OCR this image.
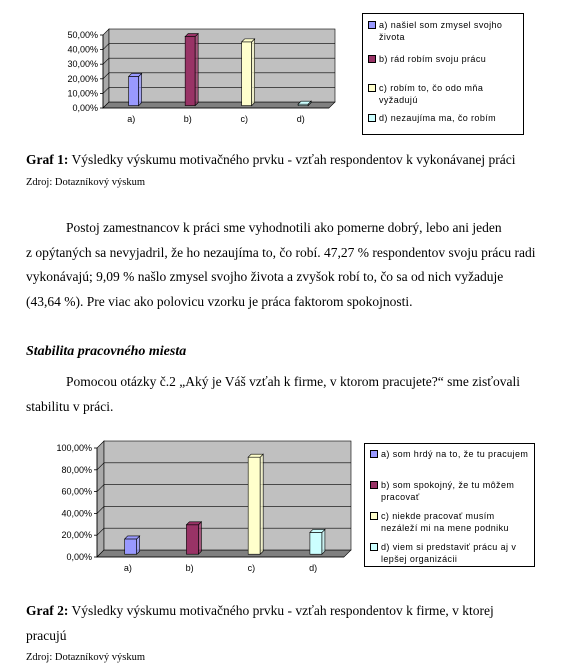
0,00%
10,00%
20,00%
30,00%
40,00%
50,00%
a)	b)	c)	d)
a) našiel som zmysel svojho života
b) rád robím svoju prácu
c) robím to, čo odo mňa vyžadujú
d) nezaujíma ma, čo robím
Graf 1: Výsledky výskumu motivačného prvku - vzťah respondentov k vykonávanej práci
Zdroj: Dotazníkový výskum
Postoj zamestnancov k práci sme vyhodnotili ako pomerne dobrý, lebo ani jeden
z opýtaných sa nevyjadril, že ho nezaujíma to, čo robí. 47,27 % respondentov svoju prácu radi
vykonávajú; 9,09 % našlo zmysel svojho života a zvyšok robí to, čo sa od nich vyžaduje
(43,64 %). Pre viac ako polovicu vzorku je práca faktorom spokojnosti.
Stabilita pracovného miesta
Pomocou otázky č.2 „Aký je Váš vzťah k firme, v ktorom pracujete?“ sme zisťovali
stabilitu v práci.
0,00%
20,00%
40,00%
60,00%
80,00%
100,00%
a)	b)	c)	d)
a) som hrdý na to, že tu pracujem
b) som spokojný, že tu môžem pracovať
c) niekde pracovať musím nezáleží mi na mene podniku
d) viem si predstaviť prácu aj v lepšej organizácii
Graf 2: Výsledky výskumu motivačného prvku - vzťah respondentov k firme, v ktorej
pracujú
Zdroj: Dotazníkový výskum
